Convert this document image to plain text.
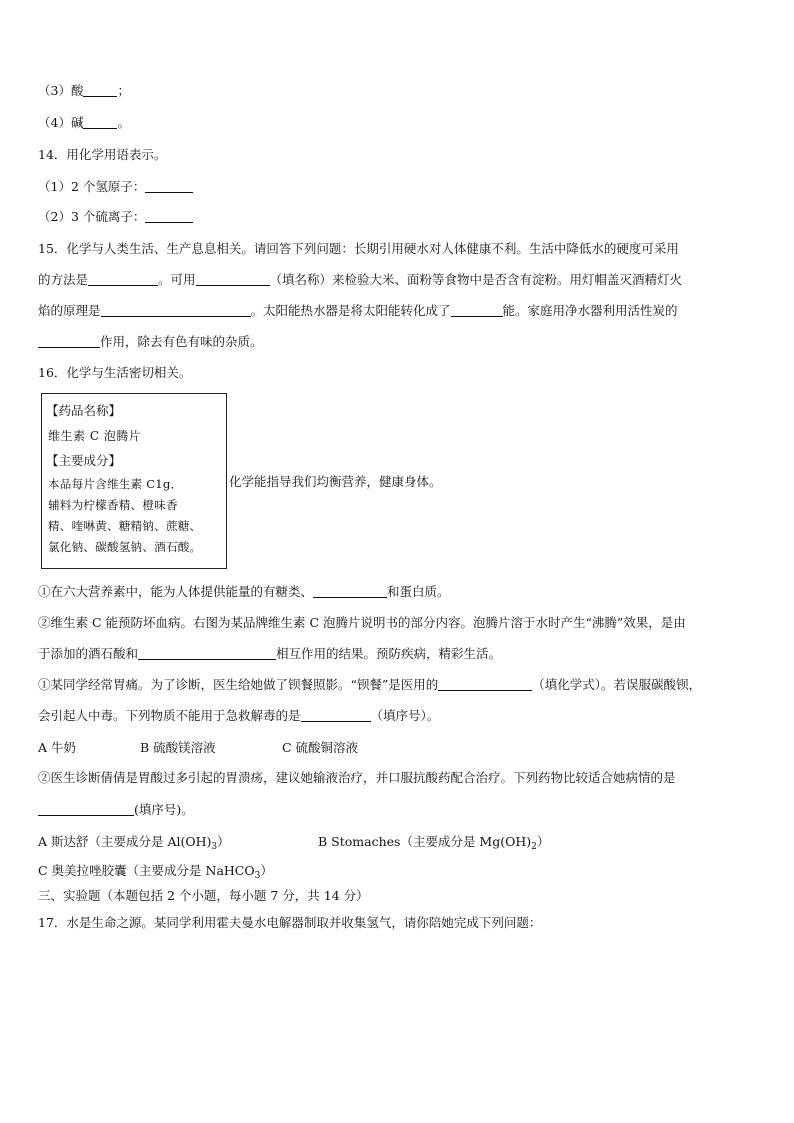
（3）酸	；
（4）碱	。
14．用化学用语表示。
（1）2 个氢原子：
（2）3 个硫离子：
15．化学与人类生活、生产息息相关。请回答下列问题：长期引用硬水对人体健康不利。生活中降低水的硬度可采用
的方法是	。可用	（填名称）来检验大米、面粉等食物中是否含有淀粉。用灯帽盖灭酒精灯火
焰的原理是	。太阳能热水器是将太阳能转化成了	能。家庭用净水器利用活性炭的
作用，除去有色有味的杂质。
16．化学与生活密切相关。
【药品名称】
维生素 C 泡腾片
【主要成分】
本品每片含维生素 C1g．
辅料为柠檬香精、橙味香
精、喹啉黄、糖精钠、蔗糖、
氯化钠、碳酸氢钠、酒石酸。
化学能指导我们均衡营养，健康身体。
①在六大营养素中，能为人体提供能量的有糖类、	和蛋白质。
②维生素 C 能预防坏血病。右图为某品牌维生素 C 泡腾片说明书的部分内容。泡腾片溶于水时产生“沸腾”效果，是由
于添加的酒石酸和	相互作用的结果。预防疾病，精彩生活。
①某同学经常胃痛。为了诊断，医生给她做了钡餐照影。“钡餐”是医用的	（填化学式）。若误服碳酸钡，
会引起人中毒。下列物质不能用于急救解毒的是	（填序号）。
A 牛奶	B 硫酸镁溶液	C 硫酸铜溶液
②医生诊断倩倩是胃酸过多引起的胃溃疡，建议她输液治疗，并口服抗酸药配合治疗。下列药物比较适合她病情的是
(填序号)。
A 斯达舒（主要成分是 $Al(OH)_3$）	B Stomaches（主要成分是 $Mg(OH)_2$）
C 奥美拉唑胶囊（主要成分是 NaHCO$_3$）
三、实验题（本题包括 2 个小题，每小题 7 分，共 14 分）
17．水是生命之源。某同学利用霍夫曼水电解器制取并收集氢气，请你陪她完成下列问题：
